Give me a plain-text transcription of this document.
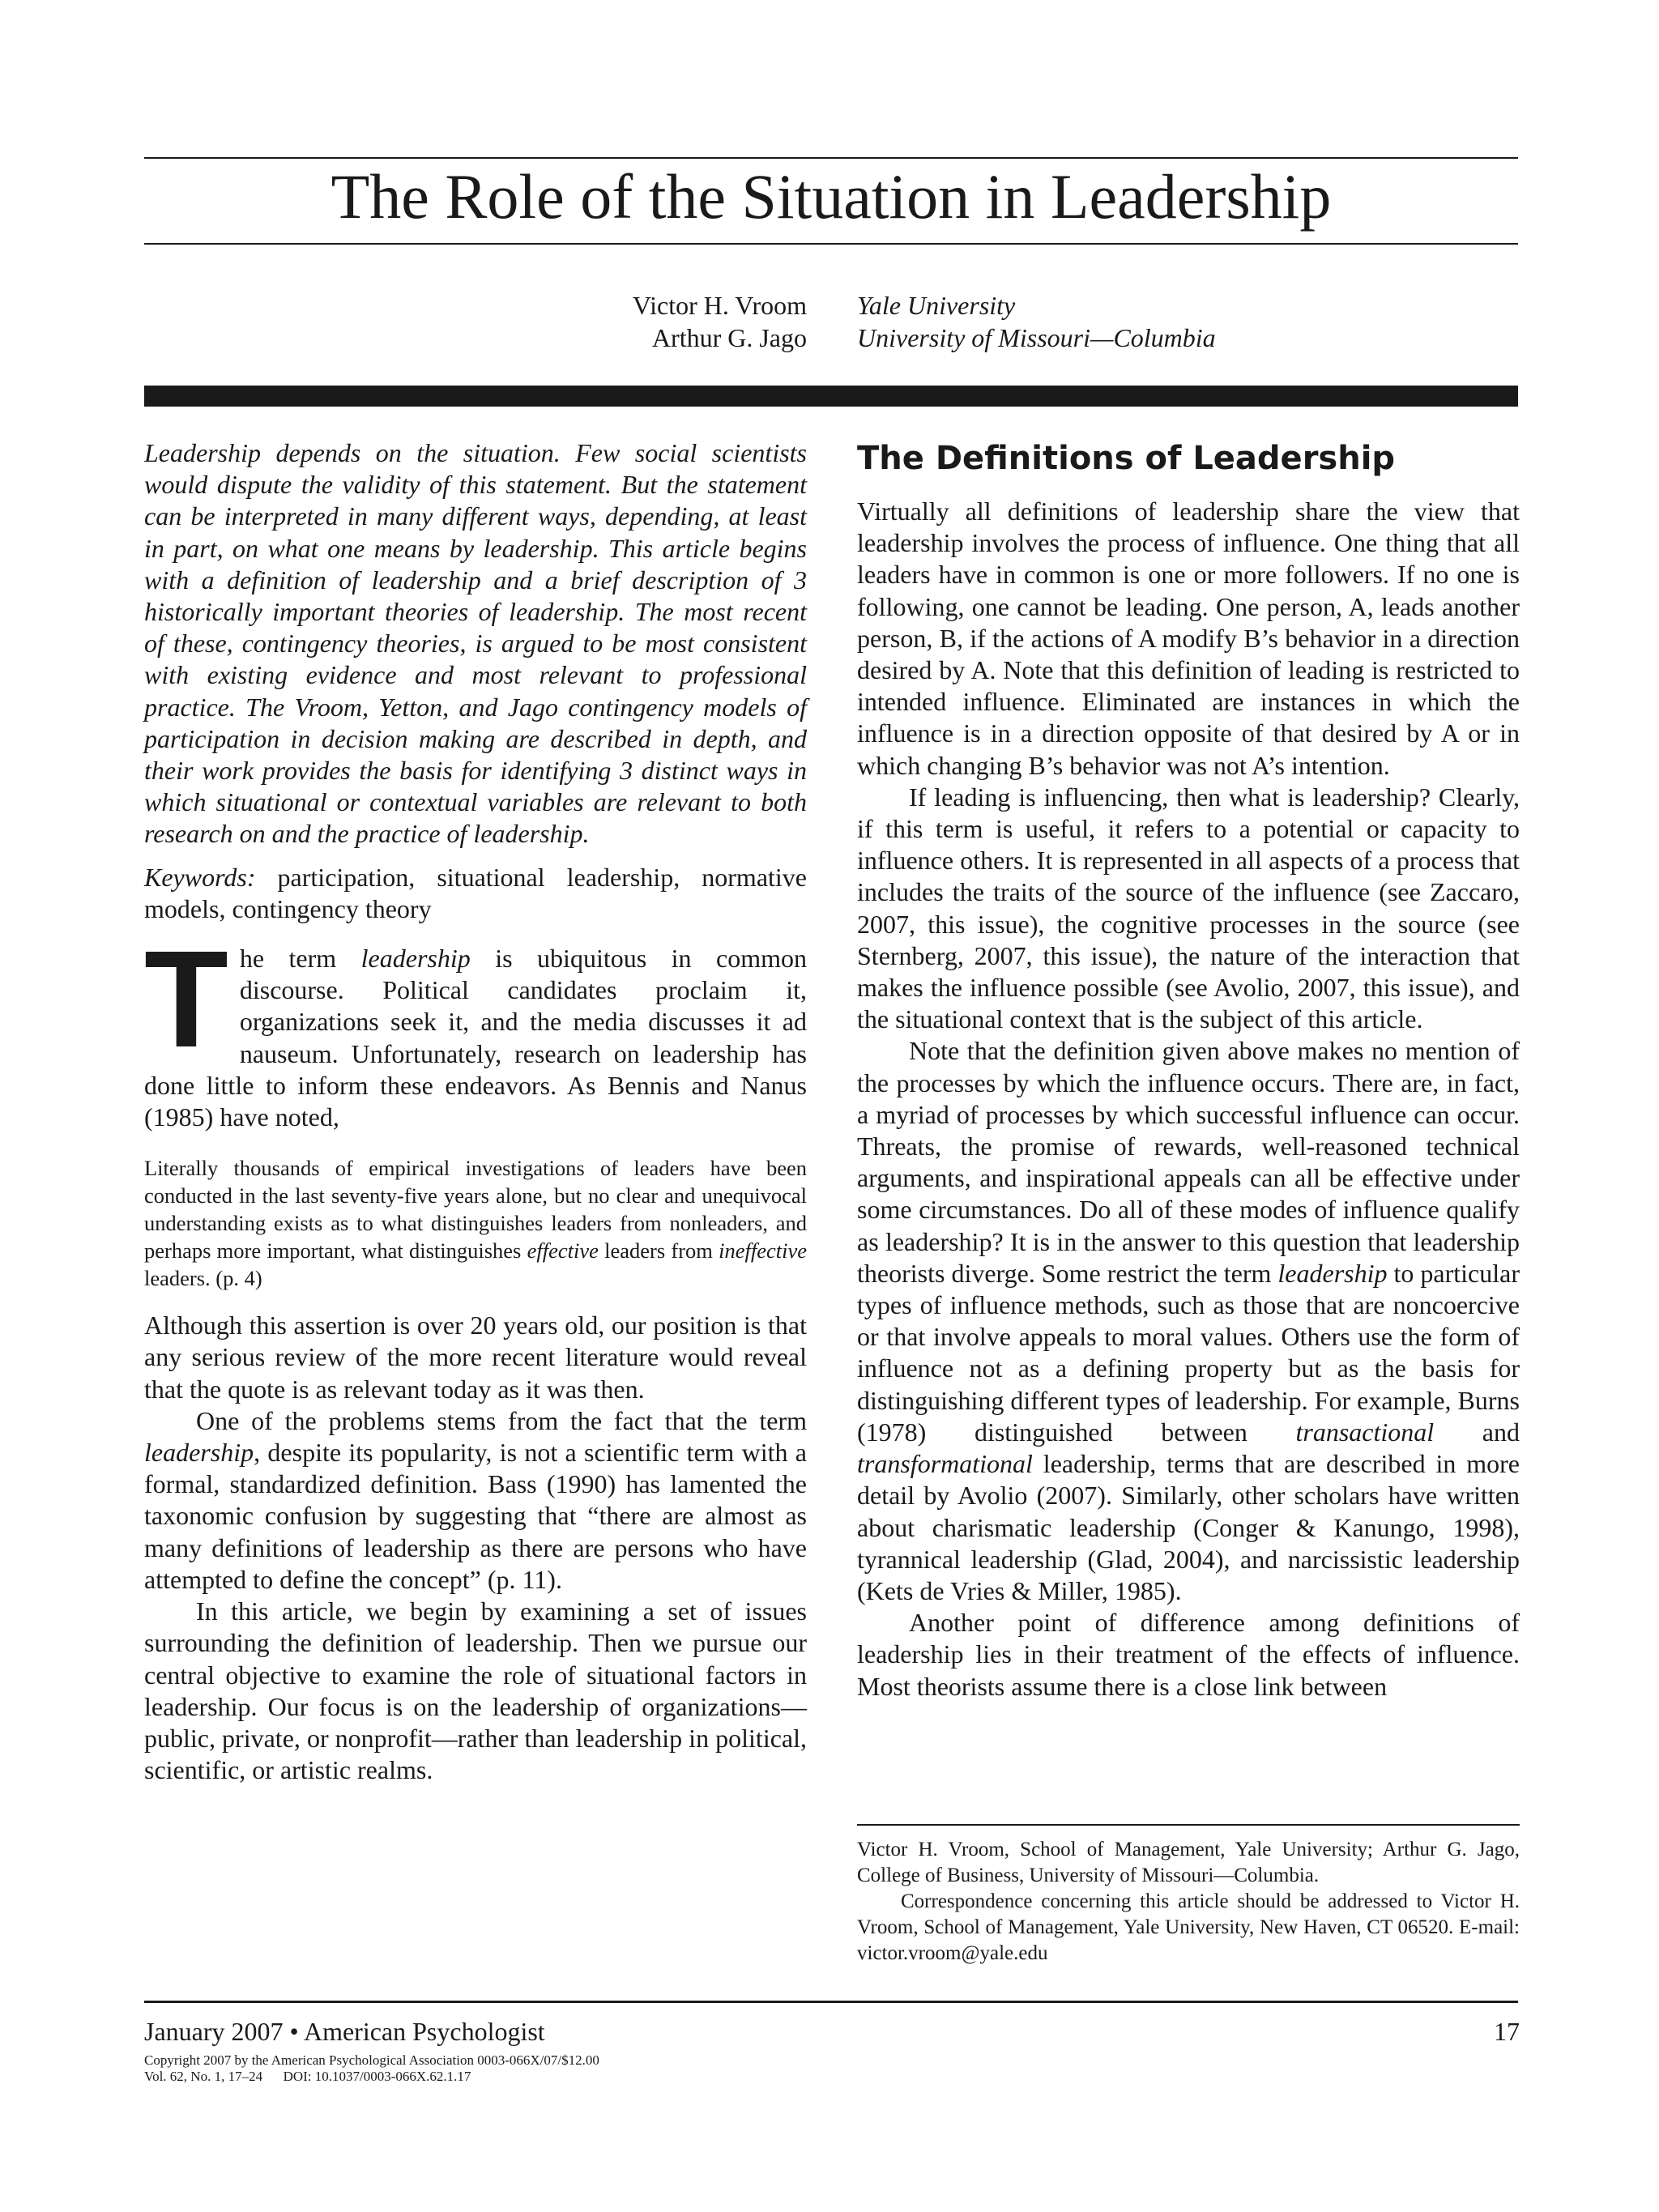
The Role of the Situation in Leadership
Victor H. Vroom Yale University
Arthur G. Jago University of Missouri—Columbia

Leadership depends on the situation. Few social scientists would dispute the validity of this statement. But the statement can be interpreted in many different ways, depending, at least in part, on what one means by leadership. This article begins with a definition of leadership and a brief description of 3 historically important theories of leadership. The most recent of these, contingency theories, is argued to be most consistent with existing evidence and most relevant to professional practice. The Vroom, Yetton, and Jago contingency models of participation in decision making are described in depth, and their work provides the basis for identifying 3 distinct ways in which situational or contextual variables are relevant to both research on and the practice of leadership.

Keywords: participation, situational leadership, normative models, contingency theory

The term leadership is ubiquitous in common discourse. Political candidates proclaim it, organizations seek it, and the media discusses it ad nauseum. Unfortunately, research on leadership has done little to inform these endeavors. As Bennis and Nanus (1985) have noted,

Literally thousands of empirical investigations of leaders have been conducted in the last seventy-five years alone, but no clear and unequivocal understanding exists as to what distinguishes leaders from nonleaders, and perhaps more important, what distinguishes effective leaders from ineffective leaders. (p. 4)

Although this assertion is over 20 years old, our position is that any serious review of the more recent literature would reveal that the quote is as relevant today as it was then.

One of the problems stems from the fact that the term leadership, despite its popularity, is not a scientific term with a formal, standardized definition. Bass (1990) has lamented the taxonomic confusion by suggesting that “there are almost as many definitions of leadership as there are persons who have attempted to define the concept” (p. 11).

In this article, we begin by examining a set of issues surrounding the definition of leadership. Then we pursue our central objective to examine the role of situational factors in leadership. Our focus is on the leadership of organizations—public, private, or nonprofit—rather than leadership in political, scientific, or artistic realms.

The Definitions of Leadership

Virtually all definitions of leadership share the view that leadership involves the process of influence. One thing that all leaders have in common is one or more followers. If no one is following, one cannot be leading. One person, A, leads another person, B, if the actions of A modify B’s behavior in a direction desired by A. Note that this definition of leading is restricted to intended influence. Eliminated are instances in which the influence is in a direction opposite of that desired by A or in which changing B’s behavior was not A’s intention.

If leading is influencing, then what is leadership? Clearly, if this term is useful, it refers to a potential or capacity to influence others. It is represented in all aspects of a process that includes the traits of the source of the influence (see Zaccaro, 2007, this issue), the cognitive processes in the source (see Sternberg, 2007, this issue), the nature of the interaction that makes the influence possible (see Avolio, 2007, this issue), and the situational context that is the subject of this article.

Note that the definition given above makes no mention of the processes by which the influence occurs. There are, in fact, a myriad of processes by which successful influence can occur. Threats, the promise of rewards, well-reasoned technical arguments, and inspirational appeals can all be effective under some circumstances. Do all of these modes of influence qualify as leadership? It is in the answer to this question that leadership theorists diverge. Some restrict the term leadership to particular types of influence methods, such as those that are noncoercive or that involve appeals to moral values. Others use the form of influence not as a defining property but as the basis for distinguishing different types of leadership. For example, Burns (1978) distinguished between transactional and transformational leadership, terms that are described in more detail by Avolio (2007). Similarly, other scholars have written about charismatic leadership (Conger & Kanungo, 1998), tyrannical leadership (Glad, 2004), and narcissistic leadership (Kets de Vries & Miller, 1985).

Another point of difference among definitions of leadership lies in their treatment of the effects of influence. Most theorists assume there is a close link between

Victor H. Vroom, School of Management, Yale University; Arthur G. Jago, College of Business, University of Missouri—Columbia.

Correspondence concerning this article should be addressed to Victor H. Vroom, School of Management, Yale University, New Haven, CT 06520. E-mail: victor.vroom@yale.edu

January 2007 • American Psychologist	17
Copyright 2007 by the American Psychological Association 0003-066X/07/$12.00
Vol. 62, No. 1, 17–24      DOI: 10.1037/0003-066X.62.1.17
